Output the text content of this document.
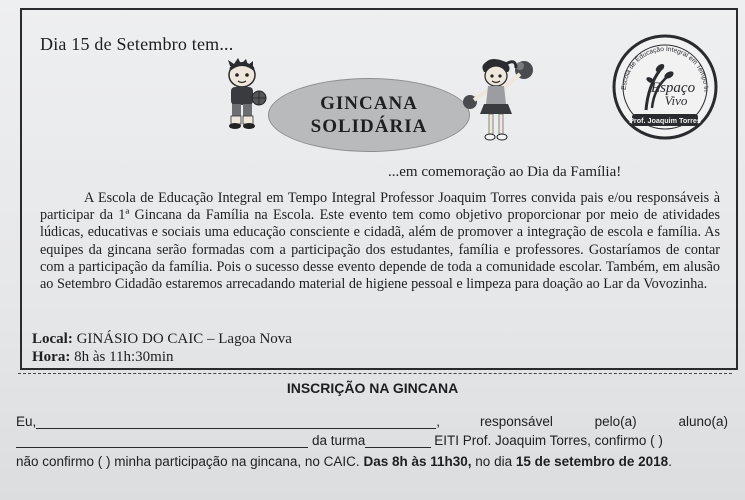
Dia 15 de Setembro tem...
GINCANA
SOLIDÁRIA
Escola de Educação Integral em Tempo In
Espaço
Vivo
Prof. Joaquim Torres
...em comemoração ao Dia da Família!
A Escola de Educação Integral em Tempo Integral Professor Joaquim Torres convida pais e/ou responsáveis à participar da 1ª Gincana da Família na Escola. Este evento tem como objetivo proporcionar por meio de atividades lúdicas, educativas e sociais uma educação consciente e cidadã, além de promover a integração de escola e família. As equipes da gincana serão formadas com a participação dos estudantes, família e professores. Gostaríamos de contar com a participação da família. Pois o sucesso desse evento depende de toda a comunidade escolar. Também, em alusão ao Setembro Cidadão estaremos arrecadando material de higiene pessoal e limpeza para doação ao Lar da Vovozinha.
Local: GINÁSIO DO CAIC – Lagoa Nova
Hora: 8h às 11h:30min
INSCRIÇÃO NA GINCANA
Eu,	,	responsável	pelo(a)	aluno(a)
da turma	EITI Prof. Joaquim Torres, confirmo ( )
não confirmo ( ) minha participação na gincana, no CAIC.
Das 8h às 11h30,
no dia
15 de setembro de 2018 .
